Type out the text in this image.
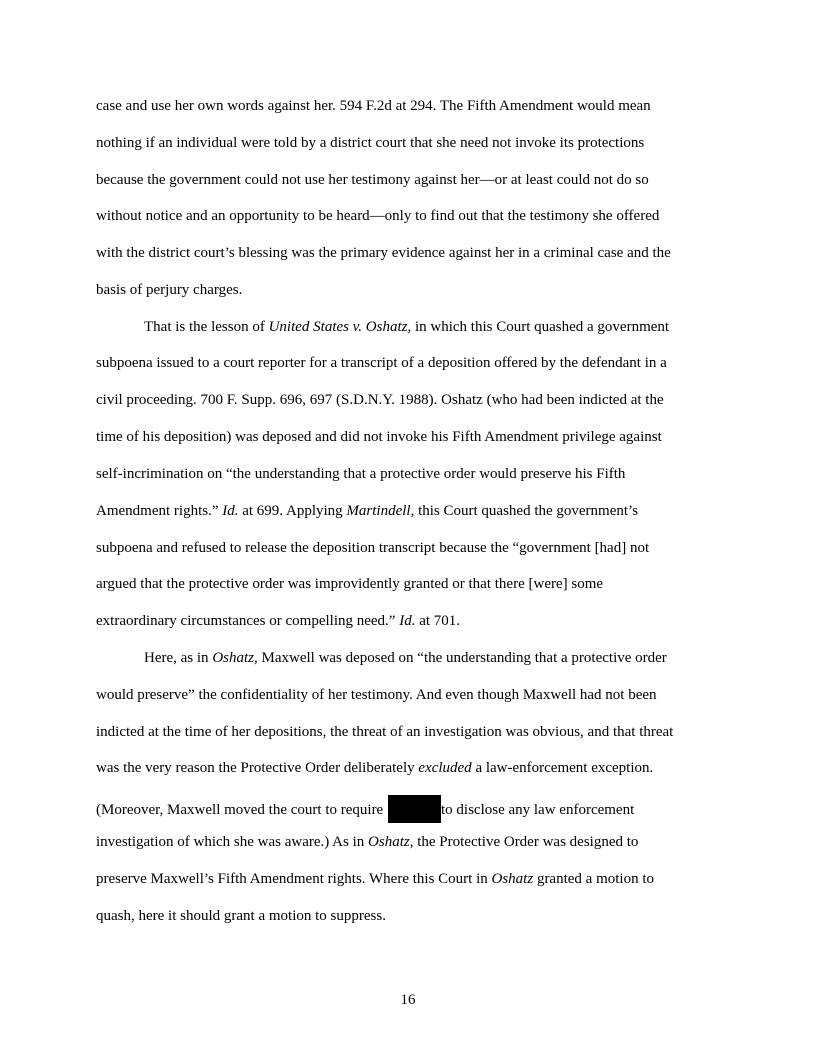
case and use her own words against her. 594 F.2d at 294. The Fifth Amendment would mean

nothing if an individual were told by a district court that she need not invoke its protections

because the government could not use her testimony against her—or at least could not do so

without notice and an opportunity to be heard—only to find out that the testimony she offered

with the district court’s blessing was the primary evidence against her in a criminal case and the

basis of perjury charges.

That is the lesson of United States v. Oshatz, in which this Court quashed a government

subpoena issued to a court reporter for a transcript of a deposition offered by the defendant in a

civil proceeding. 700 F. Supp. 696, 697 (S.D.N.Y. 1988). Oshatz (who had been indicted at the

time of his deposition) was deposed and did not invoke his Fifth Amendment privilege against

self-incrimination on “the understanding that a protective order would preserve his Fifth

Amendment rights.” Id. at 699. Applying Martindell, this Court quashed the government’s

subpoena and refused to release the deposition transcript because the “government [had] not

argued that the protective order was improvidently granted or that there [were] some

extraordinary circumstances or compelling need.” Id. at 701.

Here, as in Oshatz, Maxwell was deposed on “the understanding that a protective order

would preserve” the confidentiality of her testimony. And even though Maxwell had not been

indicted at the time of her depositions, the threat of an investigation was obvious, and that threat

was the very reason the Protective Order deliberately excluded a law-enforcement exception.

(Moreover, Maxwell moved the court to require	to disclose any law enforcement

investigation of which she was aware.) As in Oshatz, the Protective Order was designed to

preserve Maxwell’s Fifth Amendment rights. Where this Court in Oshatz granted a motion to

quash, here it should grant a motion to suppress.

16
